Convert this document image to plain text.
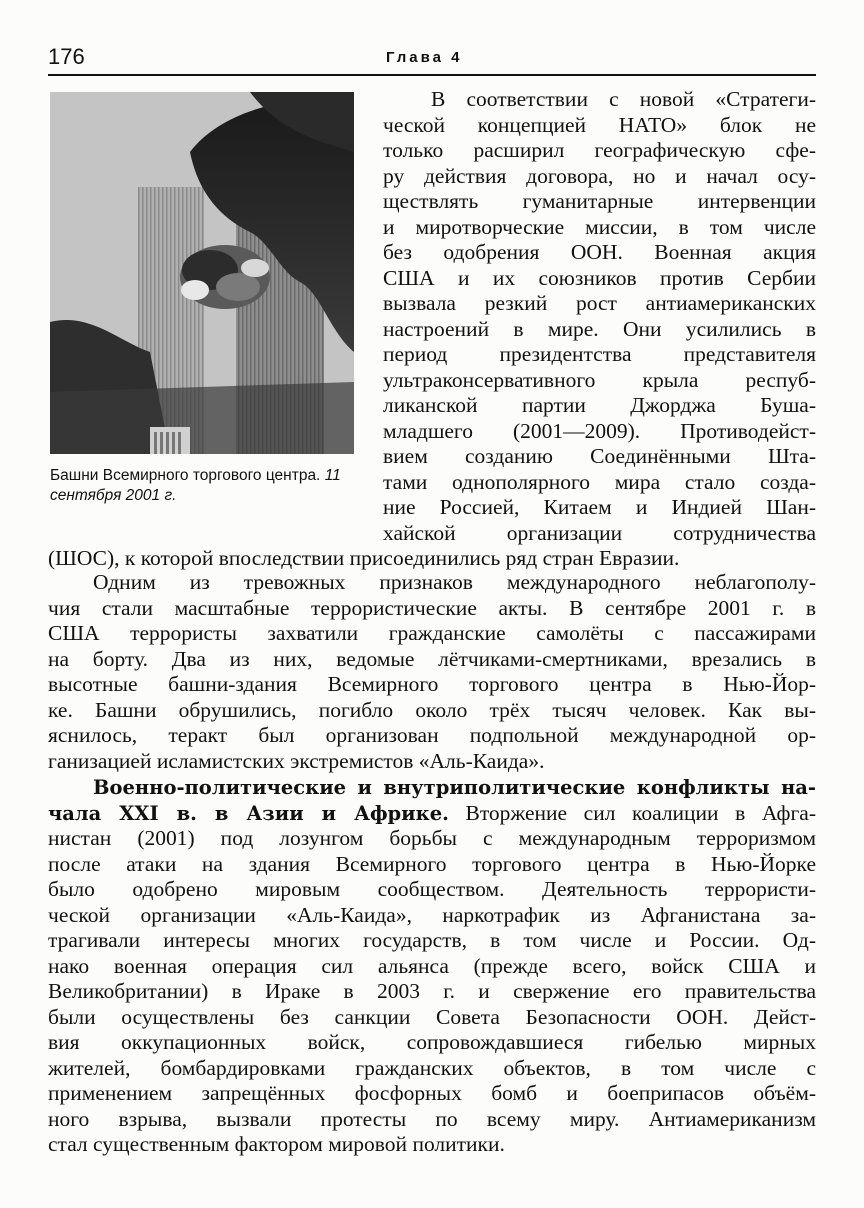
176	Глава 4
Башни Всемирного торгового центра. 11 сентября 2001 г.
В соответствии с новой «Стратеги-
ческой концепцией НАТО» блок не
только расширил географическую сфе-
ру действия договора, но и начал осу-
ществлять гуманитарные интервенции
и миротворческие миссии, в том числе
без одобрения ООН. Военная акция
США и их союзников против Сербии
вызвала резкий рост антиамериканских
настроений в мире. Они усилились в
период президентства представителя
ультраконсервативного крыла респуб-
ликанской партии Джорджа Буша-
младшего (2001—2009). Противодейст-
вием созданию Соединёнными Шта-
тами однополярного мира стало созда-
ние Россией, Китаем и Индией Шан-
хайской организации сотрудничества
(ШОС), к которой впоследствии присоединились ряд стран Евразии.
Одним из тревожных признаков международного неблагополу-
чия стали масштабные террористические акты. В сентябре 2001 г. в
США террористы захватили гражданские самолёты с пассажирами
на борту. Два из них, ведомые лётчиками-смертниками, врезались в
высотные башни-здания Всемирного торгового центра в Нью-Йор-
ке. Башни обрушились, погибло около трёх тысяч человек. Как вы-
яснилось, теракт был организован подпольной международной ор-
ганизацией исламистских экстремистов «Аль-Каида».
Военно-политические и внутриполитические конфликты на-
чала XXI в. в Азии и Африке. Вторжение сил коалиции в Афга-
нистан (2001) под лозунгом борьбы с международным терроризмом
после атаки на здания Всемирного торгового центра в Нью-Йорке
было одобрено мировым сообществом. Деятельность террористи-
ческой организации «Аль-Каида», наркотрафик из Афганистана за-
трагивали интересы многих государств, в том числе и России. Од-
нако военная операция сил альянса (прежде всего, войск США и
Великобритании) в Ираке в 2003 г. и свержение его правительства
были осуществлены без санкции Совета Безопасности ООН. Дейст-
вия оккупационных войск, сопровождавшиеся гибелью мирных
жителей, бомбардировками гражданских объектов, в том числе с
применением запрещённых фосфорных бомб и боеприпасов объём-
ного взрыва, вызвали протесты по всему миру. Антиамериканизм
стал существенным фактором мировой политики.
